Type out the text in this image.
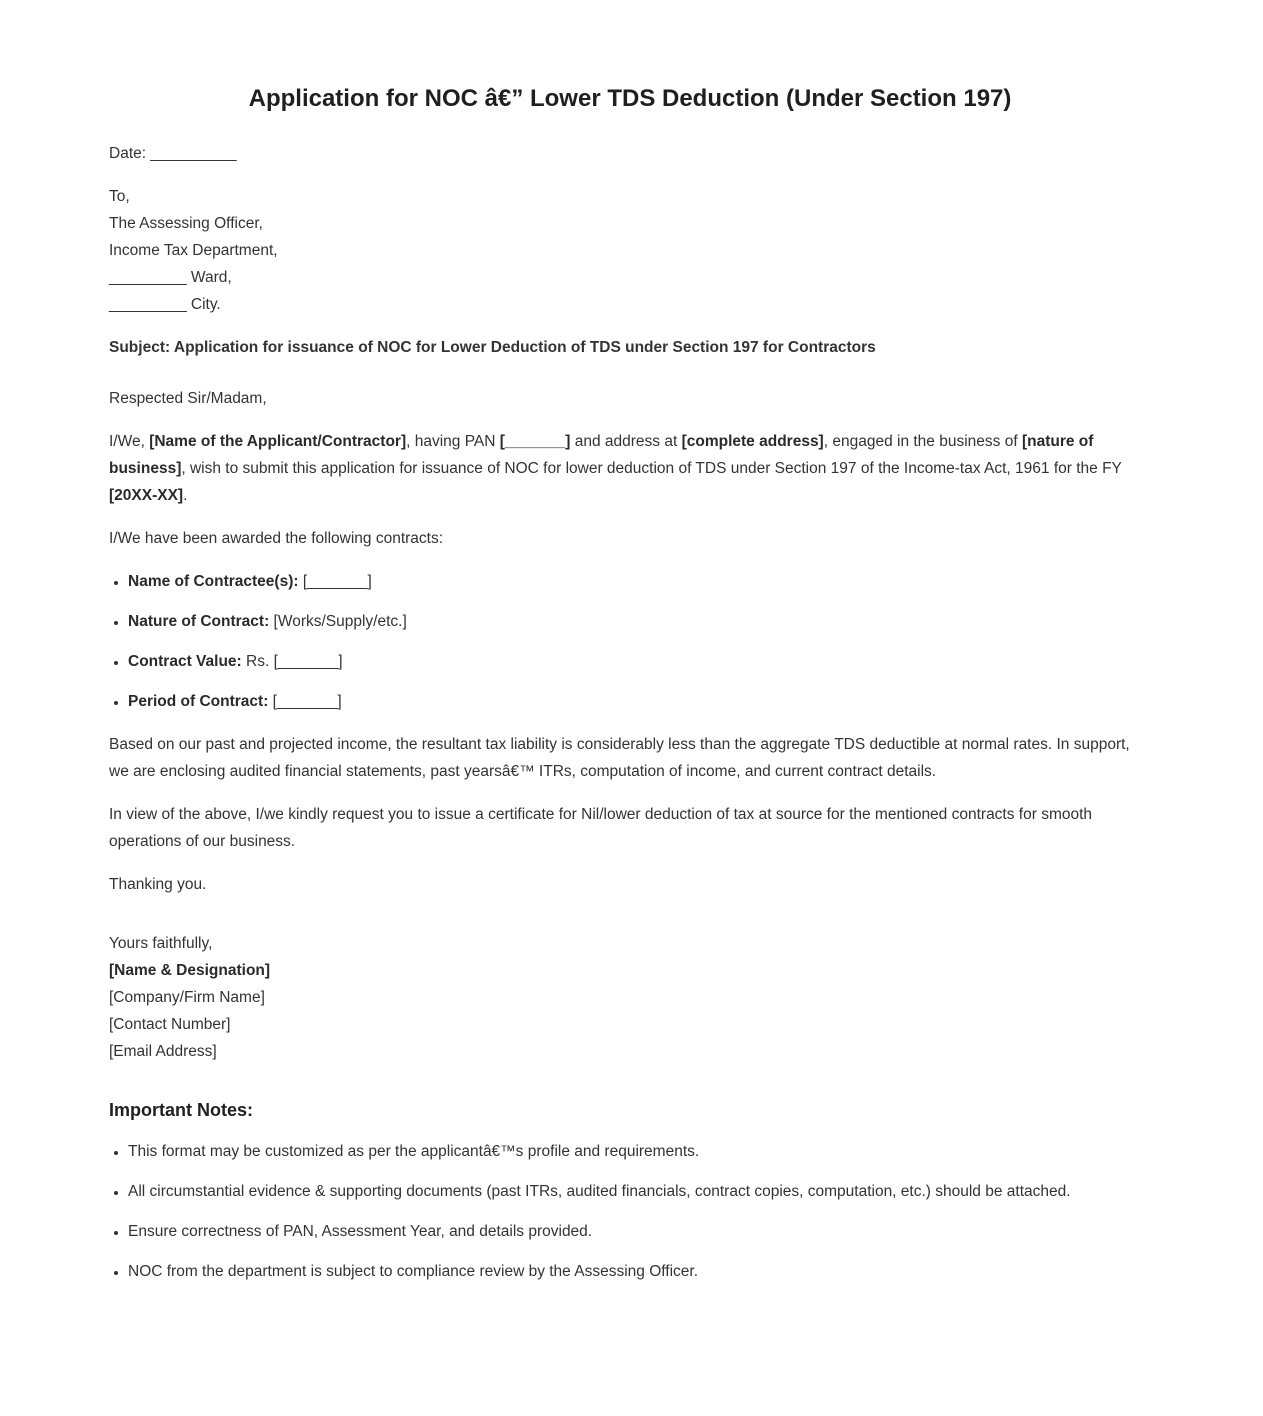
Application for NOC â€” Lower TDS Deduction (Under Section 197)

Date: __________

To,

The Assessing Officer,

Income Tax Department,

_________ Ward,

_________ City.

Subject: Application for issuance of NOC for Lower Deduction of TDS under Section 197 for Contractors

Respected Sir/Madam,

I/We, [Name of the Applicant/Contractor], having PAN [_______] and address at [complete address], engaged in the business of [nature of business], wish to submit this application for issuance of NOC for lower deduction of TDS under Section 197 of the Income-tax Act, 1961 for the FY [20XX-XX].

I/We have been awarded the following contracts:

• Name of Contractee(s): [_______]
• Nature of Contract: [Works/Supply/etc.]
• Contract Value: Rs. [_______]
• Period of Contract: [_______]

Based on our past and projected income, the resultant tax liability is considerably less than the aggregate TDS deductible at normal rates. In support, we are enclosing audited financial statements, past yearsâ€™ ITRs, computation of income, and current contract details.

In view of the above, I/we kindly request you to issue a certificate for Nil/lower deduction of tax at source for the mentioned contracts for smooth operations of our business.

Thanking you.

Yours faithfully,

[Name & Designation]

[Company/Firm Name]

[Contact Number]

[Email Address]

Important Notes:
• This format may be customized as per the applicantâ€™s profile and requirements.
• All circumstantial evidence & supporting documents (past ITRs, audited financials, contract copies, computation, etc.) should be attached.
• Ensure correctness of PAN, Assessment Year, and details provided.
• NOC from the department is subject to compliance review by the Assessing Officer.
